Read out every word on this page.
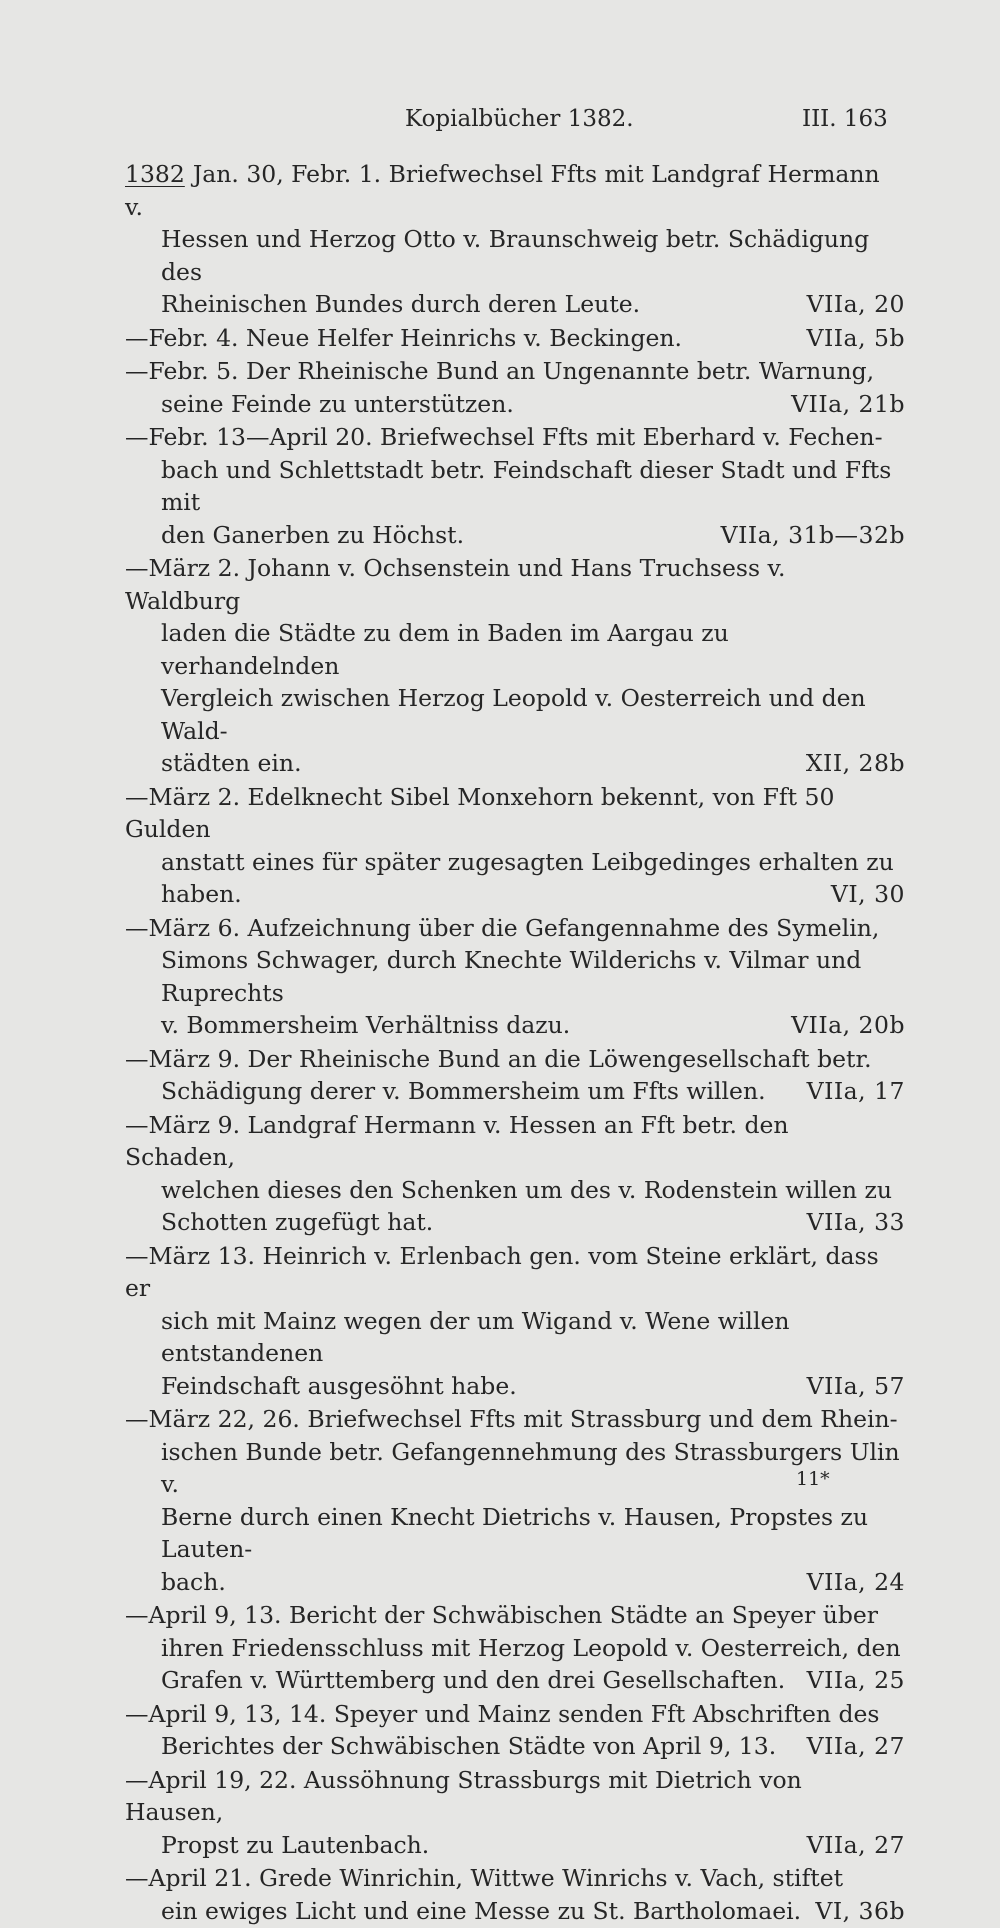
Kopialbücher 1382.	III. 163
1382 Jan. 30, Febr. 1. Briefwechsel Ffts mit Landgraf Hermann v.
Hessen und Herzog Otto v. Braunschweig betr. Schädigung des
VIIa, 20
Rheinischen Bundes durch deren Leute.
VIIa, 5b
—Febr. 4. Neue Helfer Heinrichs v. Beckingen.
—Febr. 5. Der Rheinische Bund an Ungenannte betr. Warnung,
VIIa, 21b
seine Feinde zu unterstützen.
—Febr. 13—April 20. Briefwechsel Ffts mit Eberhard v. Fechen-
bach und Schlettstadt betr. Feindschaft dieser Stadt und Ffts mit
VIIa, 31b—32b
den Ganerben zu Höchst.
—März 2. Johann v. Ochsenstein und Hans Truchsess v. Waldburg
laden die Städte zu dem in Baden im Aargau zu verhandelnden
Vergleich zwischen Herzog Leopold v. Oesterreich und den Wald-
XII, 28b
städten ein.
—März 2. Edelknecht Sibel Monxehorn bekennt, von Fft 50 Gulden
anstatt eines für später zugesagten Leibgedinges erhalten zu
VI, 30
haben.
—März 6. Aufzeichnung über die Gefangennahme des Symelin,
Simons Schwager, durch Knechte Wilderichs v. Vilmar und Ruprechts
VIIa, 20b
v. Bommersheim Verhältniss dazu.
—März 9. Der Rheinische Bund an die Löwengesellschaft betr.
VIIa, 17
Schädigung derer v. Bommersheim um Ffts willen.
—März 9. Landgraf Hermann v. Hessen an Fft betr. den Schaden,
welchen dieses den Schenken um des v. Rodenstein willen zu
VIIa, 33
Schotten zugefügt hat.
—März 13. Heinrich v. Erlenbach gen. vom Steine erklärt, dass er
sich mit Mainz wegen der um Wigand v. Wene willen entstandenen
VIIa, 57
Feindschaft ausgesöhnt habe.
—März 22, 26. Briefwechsel Ffts mit Strassburg und dem Rhein-
ischen Bunde betr. Gefangennehmung des Strassburgers Ulin v.
Berne durch einen Knecht Dietrichs v. Hausen, Propstes zu Lauten-
VIIa, 24
bach.
—April 9, 13. Bericht der Schwäbischen Städte an Speyer über
ihren Friedensschluss mit Herzog Leopold v. Oesterreich, den
VIIa, 25
Grafen v. Württemberg und den drei Gesellschaften.
—April 9, 13, 14. Speyer und Mainz senden Fft Abschriften des
VIIa, 27
Berichtes der Schwäbischen Städte von April 9, 13.
—April 19, 22. Aussöhnung Strassburgs mit Dietrich von Hausen,
VIIa, 27
Propst zu Lautenbach.
—April 21. Grede Winrichin, Wittwe Winrichs v. Vach, stiftet
VI, 36b
ein ewiges Licht und eine Messe zu St. Bartholomaei.
11*
